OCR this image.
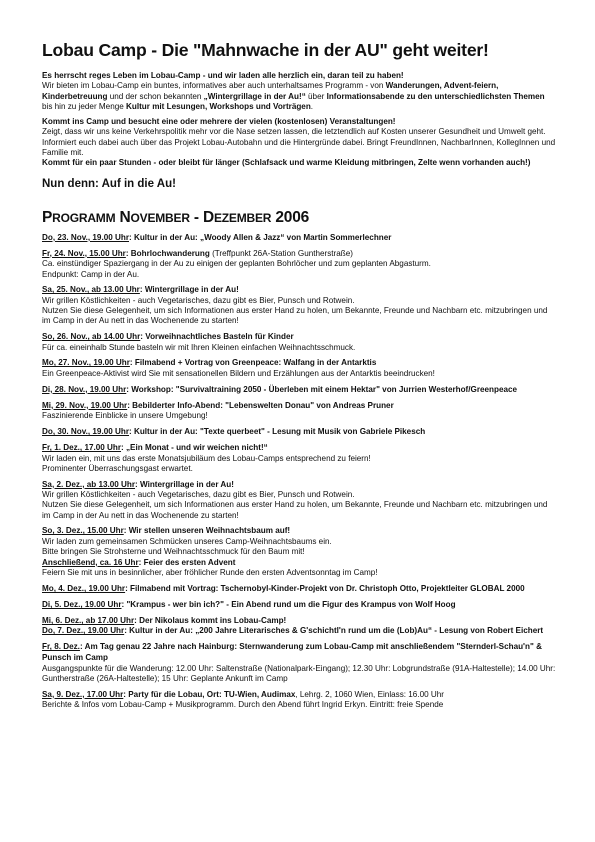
Lobau Camp - Die "Mahnwache in der AU" geht weiter!

Es herrscht reges Leben im Lobau-Camp - und wir laden alle herzlich ein, daran teil zu haben!

Wir bieten im Lobau-Camp ein buntes, informatives aber auch unterhaltsames Programm - von Wanderungen, Advent-feiern, Kinderbetreuung und der schon bekannten „Wintergrillage in der Au!“ über Informationsabende zu den unterschiedlichsten Themen bis hin zu jeder Menge Kultur mit Lesungen, Workshops und Vorträgen.

Kommt ins Camp und besucht eine oder mehrere der vielen (kostenlosen) Veranstaltungen!

Zeigt, dass wir uns keine Verkehrspolitik mehr vor die Nase setzen lassen, die letztendlich auf Kosten unserer Gesundheit und Umwelt geht. Informiert euch dabei auch über das Projekt Lobau-Autobahn und die Hintergründe dabei. Bringt FreundInnen, NachbarInnen, KollegInnen und Familie mit.

Kommt für ein paar Stunden - oder bleibt für länger (Schlafsack und warme Kleidung mitbringen, Zelte wenn vorhanden auch!)

Nun denn: Auf in die Au!

PROGRAMM NOVEMBER - DEZEMBER 2006

Do, 23. Nov., 19.00 Uhr: Kultur in der Au: „Woody Allen & Jazz“ von Martin Sommerlechner

Fr, 24. Nov., 15.00 Uhr: Bohrlochwanderung (Treffpunkt 26A-Station Guntherstraße)

Ca. einstündiger Spaziergang in der Au zu einigen der geplanten Bohrlöcher und zum geplanten Abgasturm.

Endpunkt: Camp in der Au.

Sa, 25. Nov., ab 13.00 Uhr: Wintergrillage in der Au!

Wir grillen Köstlichkeiten - auch Vegetarisches, dazu gibt es Bier, Punsch und Rotwein.

Nutzen Sie diese Gelegenheit, um sich Informationen aus erster Hand zu holen, um Bekannte, Freunde und Nachbarn etc. mitzubringen und im Camp in der Au nett in das Wochenende zu starten!

So, 26. Nov., ab 14.00 Uhr: Vorweihnachtliches Basteln für Kinder

Für ca. eineinhalb Stunde basteln wir mit Ihren Kleinen einfachen Weihnachtsschmuck.

Mo, 27. Nov., 19.00 Uhr: Filmabend + Vortrag von Greenpeace: Walfang in der Antarktis

Ein Greenpeace-Aktivist wird Sie mit sensationellen Bildern und Erzählungen aus der Antarktis beeindrucken!

Di, 28. Nov., 19.00 Uhr: Workshop: "Survivaltraining 2050 - Überleben mit einem Hektar" von Jurrien Westerhof/Greenpeace

Mi, 29. Nov., 19.00 Uhr: Bebilderter Info-Abend: "Lebenswelten Donau" von Andreas Pruner

Faszinierende Einblicke in unsere Umgebung!

Do, 30. Nov., 19.00 Uhr: Kultur in der Au: "Texte querbeet" - Lesung mit Musik von Gabriele Pikesch

Fr, 1. Dez., 17.00 Uhr: „Ein Monat - und wir weichen nicht!“

Wir laden ein, mit uns das erste Monatsjubiläum des Lobau-Camps entsprechend zu feiern!

Prominenter Überraschungsgast erwartet.

Sa, 2. Dez., ab 13.00 Uhr: Wintergrillage in der Au!

Wir grillen Köstlichkeiten - auch Vegetarisches, dazu gibt es Bier, Punsch und Rotwein.

Nutzen Sie diese Gelegenheit, um sich Informationen aus erster Hand zu holen, um Bekannte, Freunde und Nachbarn etc. mitzubringen und im Camp in der Au nett in das Wochenende zu starten!

So, 3. Dez., 15.00 Uhr: Wir stellen unseren Weihnachtsbaum auf!

Wir laden zum gemeinsamen Schmücken unseres Camp-Weihnachtsbaums ein.

Bitte bringen Sie Strohsterne und Weihnachtsschmuck für den Baum mit!

Anschließend, ca. 16 Uhr: Feier des ersten Advent

Feiern Sie mit uns in besinnlicher, aber fröhlicher Runde den ersten Adventsonntag im Camp!

Mo, 4. Dez., 19.00 Uhr: Filmabend mit Vortrag: Tschernobyl-Kinder-Projekt von Dr. Christoph Otto, Projektleiter GLOBAL 2000

Di, 5. Dez., 19.00 Uhr: "Krampus - wer bin ich?" - Ein Abend rund um die Figur des Krampus von Wolf Hoog

Mi, 6. Dez., ab 17.00 Uhr: Der Nikolaus kommt ins Lobau-Camp!

Do, 7. Dez., 19.00 Uhr: Kultur in der Au: „200 Jahre Literarisches & G'schichtl'n rund um die (Lob)Au“ - Lesung von Robert Eichert

Fr, 8. Dez.: Am Tag genau 22 Jahre nach Hainburg: Sternwanderung zum Lobau-Camp mit anschließendem "Sternderl-Schau'n" & Punsch im Camp

Ausgangspunkte für die Wanderung: 12.00 Uhr: Saltenstraße (Nationalpark-Eingang); 12.30 Uhr: Lobgrundstraße (91A-Haltestelle); 14.00 Uhr: Guntherstraße (26A-Haltestelle); 15 Uhr: Geplante Ankunft im Camp

Sa, 9. Dez., 17.00 Uhr: Party für die Lobau, Ort: TU-Wien, Audimax, Lehrg. 2, 1060 Wien, Einlass: 16.00 Uhr

Berichte & Infos vom Lobau-Camp + Musikprogramm. Durch den Abend führt Ingrid Erkyn. Eintritt: freie Spende
